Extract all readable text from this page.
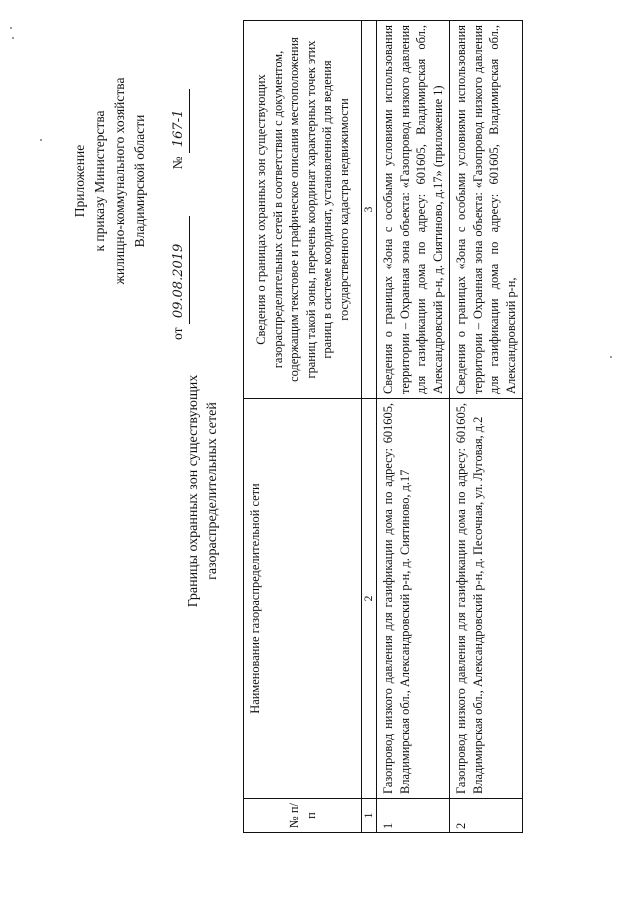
Приложение к приказу Министерства жилищно-коммунального хозяйства Владимирской области
от 09.08.2019  № 167-1
Границы охранных зон существующих газораспределительных сетей
№ п/п	Наименование газораспределительной сети	Сведения о границах охранных зон существующих газораспределительных сетей в соответствии с документом, содержащим текстовое и графическое описания местоположения границ такой зоны, перечень координат характерных точек этих границ в системе координат, установленной для ведения государственного кадастра недвижимости
1	2	3
1	Газопровод низкого давления для газификации дома по адресу: 601605, Владимирская обл., Александровский р-н, д. Сиятиново, д.17	Сведения о границах «Зона с особыми условиями использования территории – Охранная зона объекта: «Газопровод низкого давления для газификации дома по адресу: 601605, Владимирская обл., Александровский р-н, д. Сиятиново, д.17» (приложение 1)
2	Газопровод низкого давления для газификации дома по адресу: 601605, Владимирская обл., Александровский р-н, д. Песочная, ул. Луговая, д.2	Сведения о границах «Зона с особыми условиями использования территории – Охранная зона объекта: «Газопровод низкого давления для газификации дома по адресу: 601605, Владимирская обл., Александровский р-н,
